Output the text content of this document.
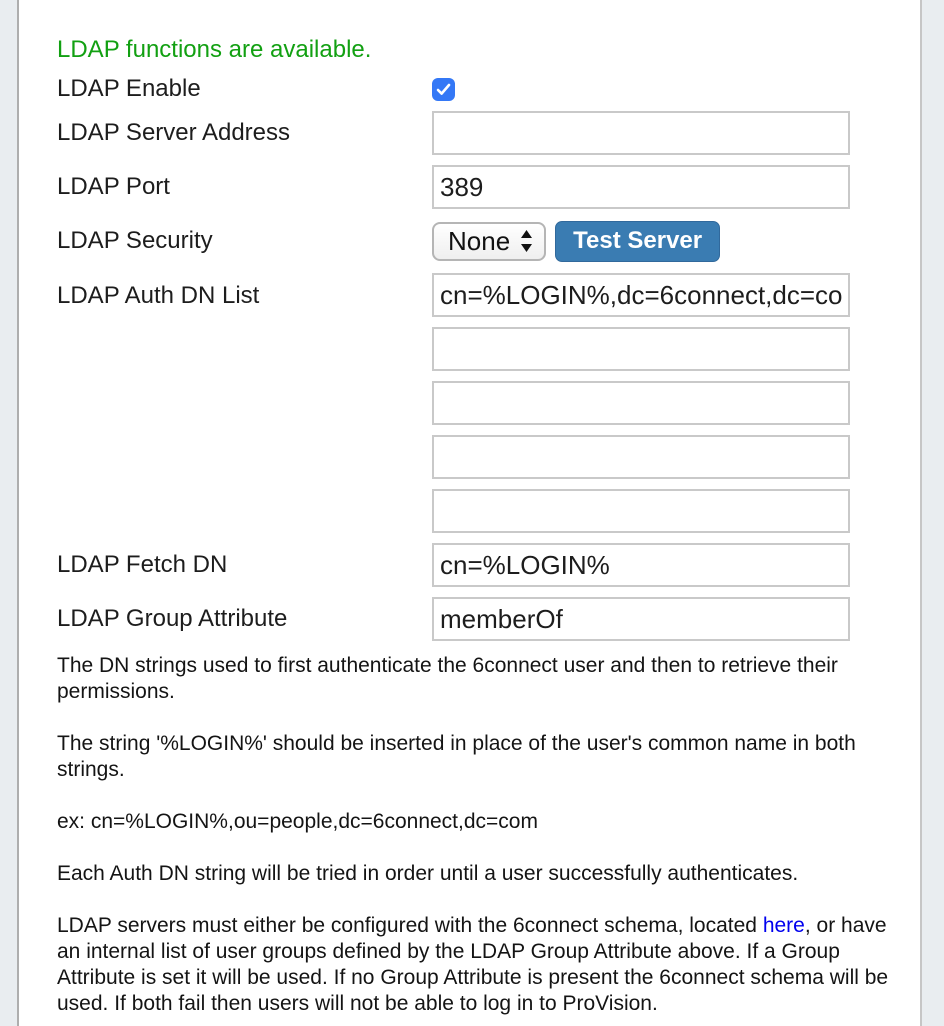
LDAP functions are available.
LDAP Enable
LDAP Server Address
LDAP Port
389
LDAP Security	None	Test Server
LDAP Auth DN List
cn=%LOGIN%,dc=6connect,dc=com
LDAP Fetch DN
cn=%LOGIN%
LDAP Group Attribute
memberOf

The DN strings used to first authenticate the 6connect user and then to retrieve their permissions.

The string '%LOGIN%' should be inserted in place of the user's common name in both strings.

ex: cn=%LOGIN%,ou=people,dc=6connect,dc=com

Each Auth DN string will be tried in order until a user successfully authenticates.

LDAP servers must either be configured with the 6connect schema, located here, or have an internal list of user groups defined by the LDAP Group Attribute above. If a Group Attribute is set it will be used. If no Group Attribute is present the 6connect schema will be used. If both fail then users will not be able to log in to ProVision.
